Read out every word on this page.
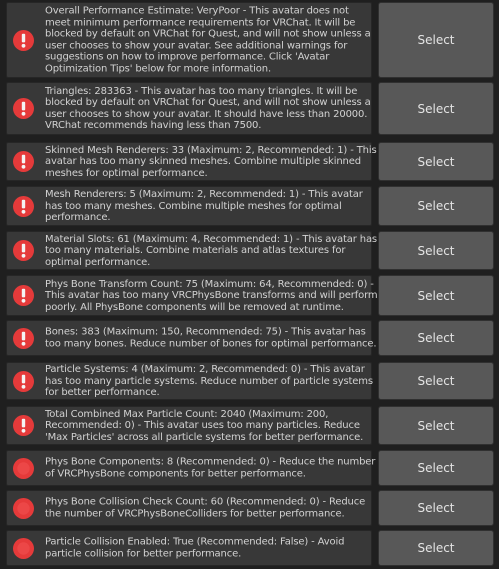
Overall Performance Estimate: VeryPoor - This avatar does not
meet minimum performance requirements for VRChat. It will be
blocked by default on VRChat for Quest, and will not show unless a
user chooses to show your avatar. See additional warnings for
suggestions on how to improve performance. Click 'Avatar
Optimization Tips' below for more information.
Select
Triangles: 283363 - This avatar has too many triangles. It will be
blocked by default on VRChat for Quest, and will not show unless a
user chooses to show your avatar. It should have less than 20000.
VRChat recommends having less than 7500.
Select
Skinned Mesh Renderers: 33 (Maximum: 2, Recommended: 1) - This
avatar has too many skinned meshes. Combine multiple skinned
meshes for optimal performance.
Select
Mesh Renderers: 5 (Maximum: 2, Recommended: 1) - This avatar
has too many meshes. Combine multiple meshes for optimal
performance.
Select
Material Slots: 61 (Maximum: 4, Recommended: 1) - This avatar has
too many materials. Combine materials and atlas textures for
optimal performance.
Select
Phys Bone Transform Count: 75 (Maximum: 64, Recommended: 0) -
This avatar has too many VRCPhysBone transforms and will perform
poorly. All PhysBone components will be removed at runtime.
Select
Bones: 383 (Maximum: 150, Recommended: 75) - This avatar has
too many bones. Reduce number of bones for optimal performance.	Select
Particle Systems: 4 (Maximum: 2, Recommended: 0) - This avatar
has too many particle systems. Reduce number of particle systems
for better performance.
Select
Total Combined Max Particle Count: 2040 (Maximum: 200,
Recommended: 0) - This avatar uses too many particles. Reduce
'Max Particles' across all particle systems for better performance.
Select
Phys Bone Components: 8 (Recommended: 0) - Reduce the number
of VRCPhysBone components for better performance.	Select
Phys Bone Collision Check Count: 60 (Recommended: 0) - Reduce
the number of VRCPhysBoneColliders for better performance.	Select
Particle Collision Enabled: True (Recommended: False) - Avoid
particle collision for better performance.	Select
